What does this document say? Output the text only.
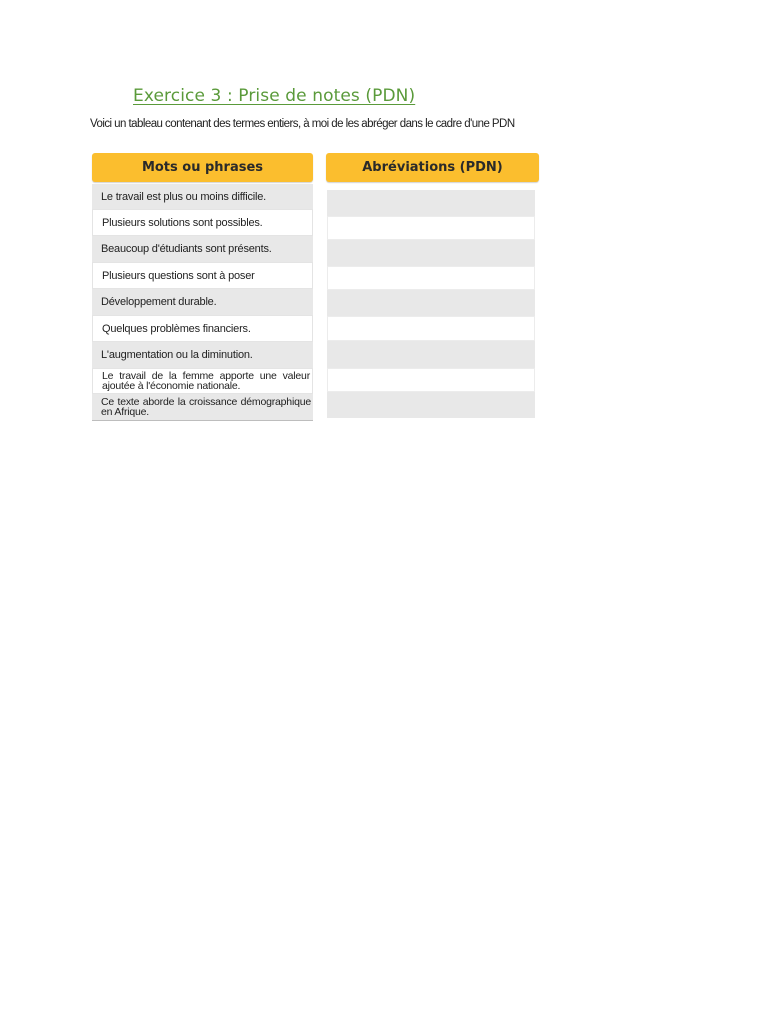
Exercice 3 : Prise de notes (PDN)
Voici un tableau contenant des termes entiers, à moi de les abréger dans le cadre d'une PDN
Mots ou phrases
Le travail est plus ou moins difficile.
Plusieurs solutions sont possibles.
Beaucoup d'étudiants sont présents.
Plusieurs questions sont à poser
Développement durable.
Quelques problèmes financiers.
L'augmentation ou la diminution.
Le travail de la femme apporte une valeur ajoutée à l'économie nationale.
Ce texte aborde la croissance démographique en Afrique.
Abréviations (PDN)
